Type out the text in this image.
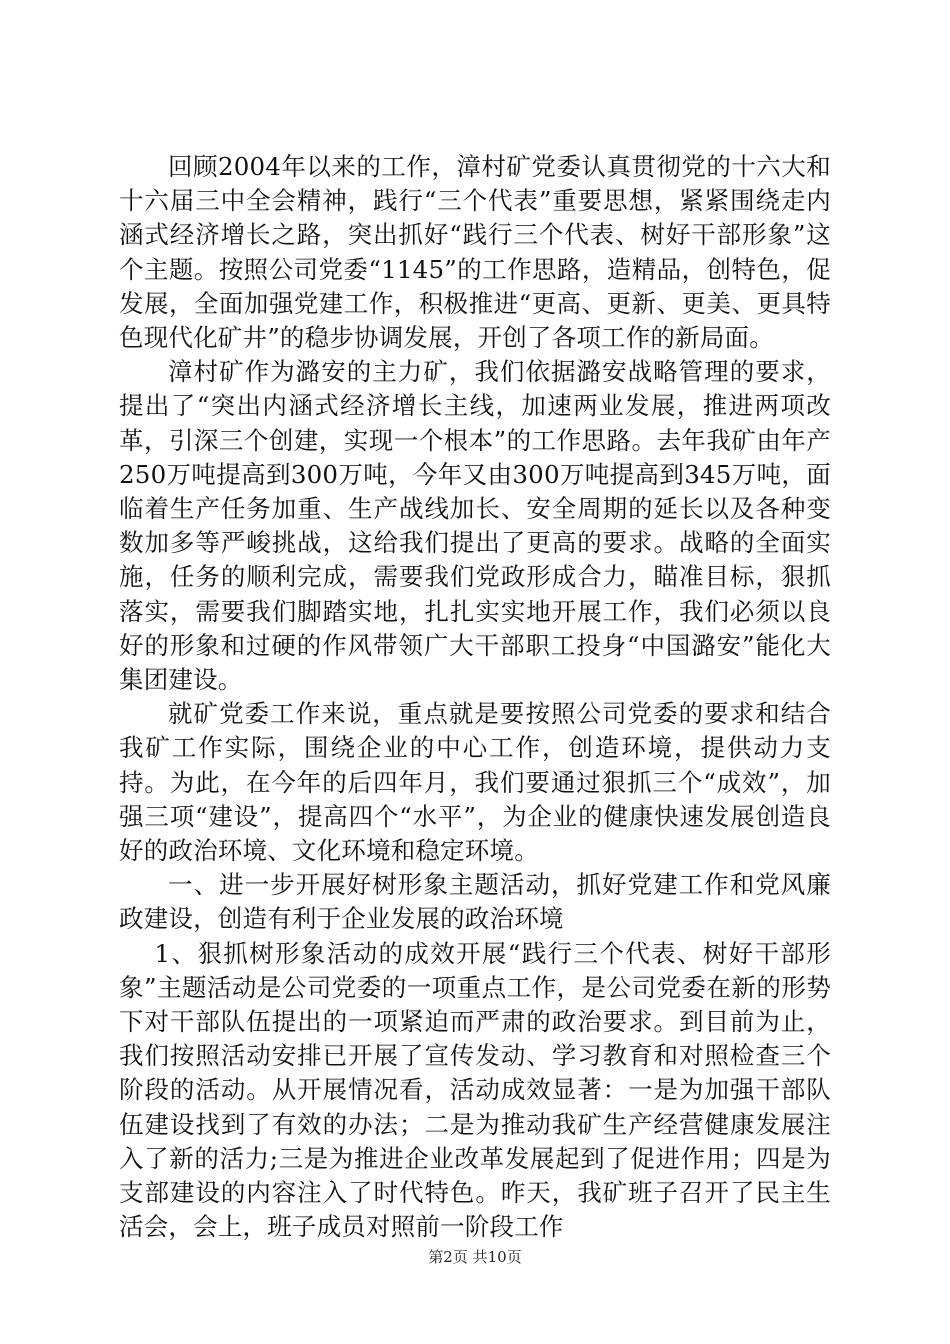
回顾2004年以来的工作，漳村矿党委认真贯彻党的十六大和十六届三中全会精神，践行“三个代表”重要思想，紧紧围绕走内涵式经济增长之路，突出抓好“践行三个代表、树好干部形象”这个主题。按照公司党委“1145”的工作思路，造精品，创特色，促发展，全面加强党建工作，积极推进“更高、更新、更美、更具特色现代化矿井”的稳步协调发展，开创了各项工作的新局面。

漳村矿作为潞安的主力矿，我们依据潞安战略管理的要求，提出了“突出内涵式经济增长主线，加速两业发展，推进两项改革，引深三个创建，实现一个根本”的工作思路。去年我矿由年产250万吨提高到300万吨，今年又由300万吨提高到345万吨，面临着生产任务加重、生产战线加长、安全周期的延长以及各种变数加多等严峻挑战，这给我们提出了更高的要求。战略的全面实施，任务的顺利完成，需要我们党政形成合力，瞄准目标，狠抓落实，需要我们脚踏实地，扎扎实实地开展工作，我们必须以良好的形象和过硬的作风带领广大干部职工投身“中国潞安”能化大集团建设。

就矿党委工作来说，重点就是要按照公司党委的要求和结合我矿工作实际，围绕企业的中心工作，创造环境，提供动力支持。为此，在今年的后四年月，我们要通过狠抓三个“成效”，加强三项“建设”，提高四个“水平”，为企业的健康快速发展创造良好的政治环境、文化环境和稳定环境。

一、进一步开展好树形象主题活动，抓好党建工作和党风廉政建设，创造有利于企业发展的政治环境

1、狠抓树形象活动的成效开展“践行三个代表、树好干部形象”主题活动是公司党委的一项重点工作，是公司党委在新的形势下对干部队伍提出的一项紧迫而严肃的政治要求。到目前为止，我们按照活动安排已开展了宣传发动、学习教育和对照检查三个阶段的活动。从开展情况看，活动成效显著：一是为加强干部队伍建设找到了有效的办法；二是为推动我矿生产经营健康发展注入了新的活力;三是为推进企业改革发展起到了促进作用；四是为支部建设的内容注入了时代特色。昨天，我矿班子召开了民主生活会，会上，班子成员对照前一阶段工作

第2页 共10页
